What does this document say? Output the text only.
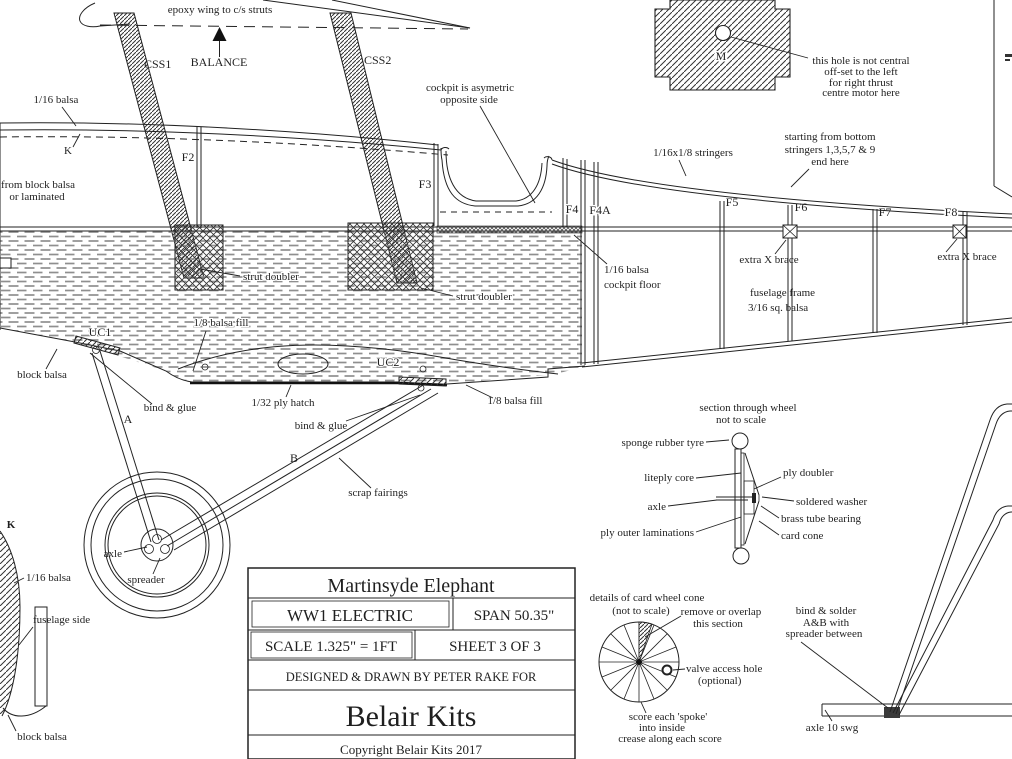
epoxy wing to c/s struts
BALANCE
CSS1	CSS2	M	this hole is not central
off-set to the left
for right thrust
centre motor here
F2
F3
F4 F4A
F5	F6	F7	F8
K
1/16 balsa
from block balsa
or laminated
cockpit is asymetric
opposite side
1/16x1/8 stringers
starting from bottom
stringers 1,3,5,7 & 9
end here
strut doubler
strut doubler
1/16 balsa
cockpit floor
extra X brace	extra X brace
fuselage frame
3/16 sq. balsa
1/8 balsa fill
1/8 balsa fill
1/32 ply hatch
block balsa
UC1
UC2
bind & glue
A	bind & glue
B
scrap fairings
axle
spreader
K
1/16 balsa
fuselage side
block balsa
section through wheel
not to scale
sponge rubber tyre
liteply core	ply doubler
axle	soldered washer
brass tube bearing
card cone
ply outer laminations
details of card wheel cone
(not to scale) remove or overlap
this section
valve access hole
(optional)
score each 'spoke'
into inside
crease along each score
bind & solder
A&B with
spreader between
axle 10 swg
Martinsyde Elephant
WW1 ELECTRIC	SPAN 50.35"
SCALE 1.325" = 1FT	SHEET 3 OF 3
DESIGNED & DRAWN BY PETER RAKE FOR
Belair Kits
Copyright Belair Kits 2017
